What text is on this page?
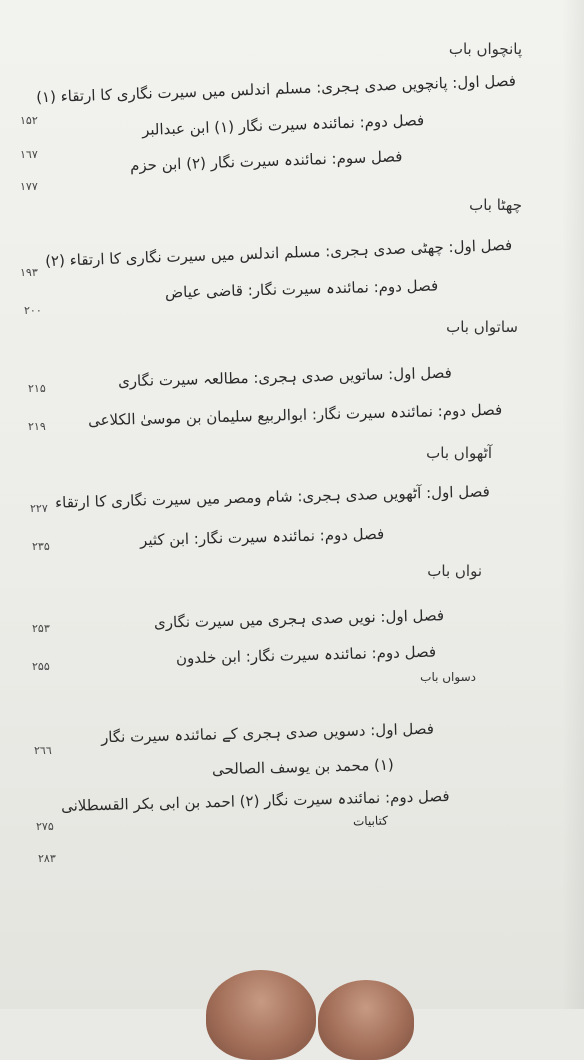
پانچواں باب
فصل اول: پانچویں صدی ہجری: مسلم اندلس میں سیرت نگاری کا ارتقاء (۱)
۱۵۲	فصل دوم: نمائندہ سیرت نگار (۱) ابن عبدالبر
۱٦۷
فصل سوم: نمائندہ سیرت نگار (۲) ابن حزم
۱۷۷
چھٹا باب
فصل اول: چھٹی صدی ہجری: مسلم اندلس میں سیرت نگاری کا ارتقاء (۲)
۱۹۳
فصل دوم: نمائندہ سیرت نگار: قاضی عیاض
۲۰۰
ساتواں باب
فصل اول: ساتویں صدی ہجری: مطالعہ سیرت نگاری
۲۱۵
فصل دوم: نمائندہ سیرت نگار: ابوالربیع سلیمان بن موسیٰ الکلاعی
۲۱۹
آٹھواں باب
فصل اول: آٹھویں صدی ہجری: شام ومصر میں سیرت نگاری کا ارتقاء
۲۲۷
فصل دوم: نمائندہ سیرت نگار: ابن کثیر
۲۳۵
نواں باب
فصل اول: نویں صدی ہجری میں سیرت نگاری
۲۵۳
فصل دوم: نمائندہ سیرت نگار: ابن خلدون
۲۵۵
دسواں باب
فصل اول: دسویں صدی ہجری کے نمائندہ سیرت نگار
۲٦٦
(۱) محمد بن یوسف الصالحی
فصل دوم: نمائندہ سیرت نگار (۲) احمد بن ابی بکر القسطلانی
۲۷۵	کتابیات
۲۸۳
